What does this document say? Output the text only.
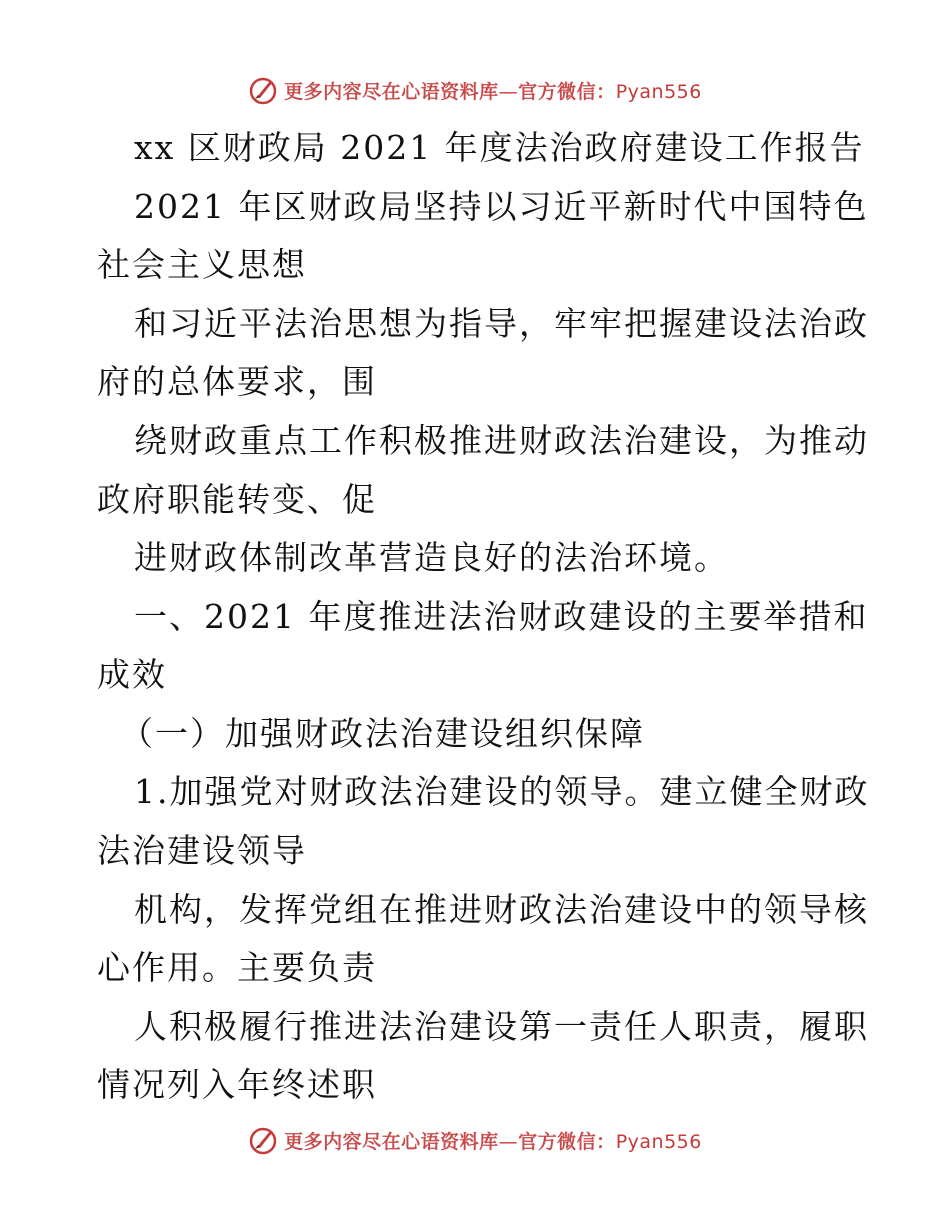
更多内容尽在心语资料库—官方微信：Pyan556
xx 区财政局 2021 年度法治政府建设工作报告
2021 年区财政局坚持以习近平新时代中国特色
社会主义思想
和习近平法治思想为指导，牢牢把握建设法治政
府的总体要求，围
绕财政重点工作积极推进财政法治建设，为推动
政府职能转变、促
进财政体制改革营造良好的法治环境。
一、2021 年度推进法治财政建设的主要举措和
成效
（一）加强财政法治建设组织保障
1.加强党对财政法治建设的领导。建立健全财政
法治建设领导
机构，发挥党组在推进财政法治建设中的领导核
心作用。主要负责
人积极履行推进法治建设第一责任人职责，履职
情况列入年终述职
更多内容尽在心语资料库—官方微信：Pyan556
